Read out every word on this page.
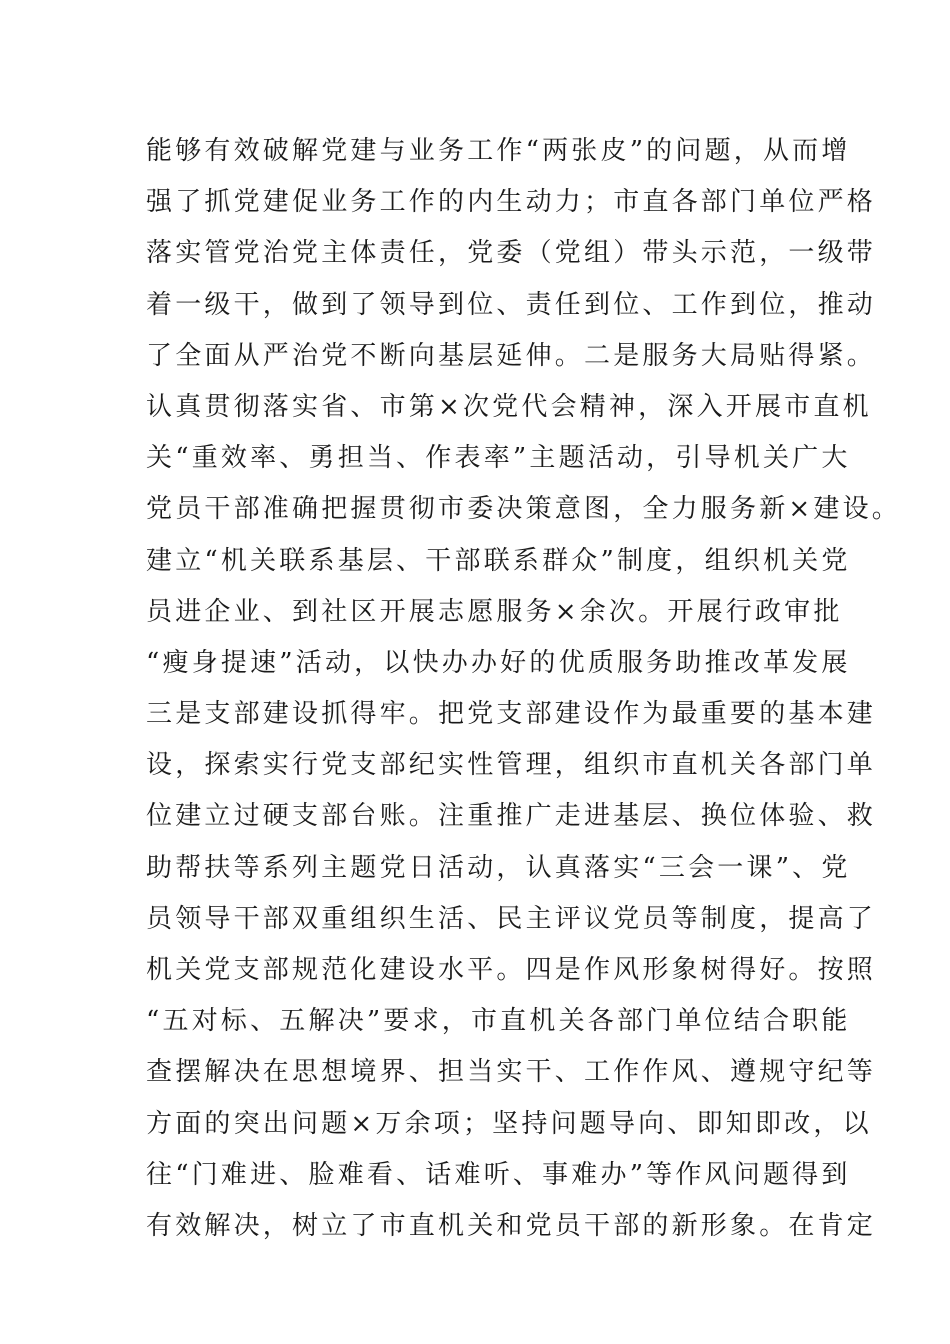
能够有效破解党建与业务工作“两张皮”的问题，从而增
强了抓党建促业务工作的内生动力；市直各部门单位严格
落实管党治党主体责任，党委（党组）带头示范，一级带
着一级干，做到了领导到位、责任到位、工作到位，推动
了全面从严治党不断向基层延伸。二是服务大局贴得紧。
认真贯彻落实省、市第×次党代会精神，深入开展市直机
关“重效率、勇担当、作表率”主题活动，引导机关广大
党员干部准确把握贯彻市委决策意图，全力服务新×建设。
建立“机关联系基层、干部联系群众”制度，组织机关党
员进企业、到社区开展志愿服务×余次。开展行政审批
“瘦身提速”活动，以快办办好的优质服务助推改革发展
三是支部建设抓得牢。把党支部建设作为最重要的基本建
设，探索实行党支部纪实性管理，组织市直机关各部门单
位建立过硬支部台账。注重推广走进基层、换位体验、救
助帮扶等系列主题党日活动，认真落实“三会一课”、党
员领导干部双重组织生活、民主评议党员等制度，提高了
机关党支部规范化建设水平。四是作风形象树得好。按照
“五对标、五解决”要求，市直机关各部门单位结合职能
查摆解决在思想境界、担当实干、工作作风、遵规守纪等
方面的突出问题×万余项；坚持问题导向、即知即改，以
往“门难进、脸难看、话难听、事难办”等作风问题得到
有效解决，树立了市直机关和党员干部的新形象。在肯定
